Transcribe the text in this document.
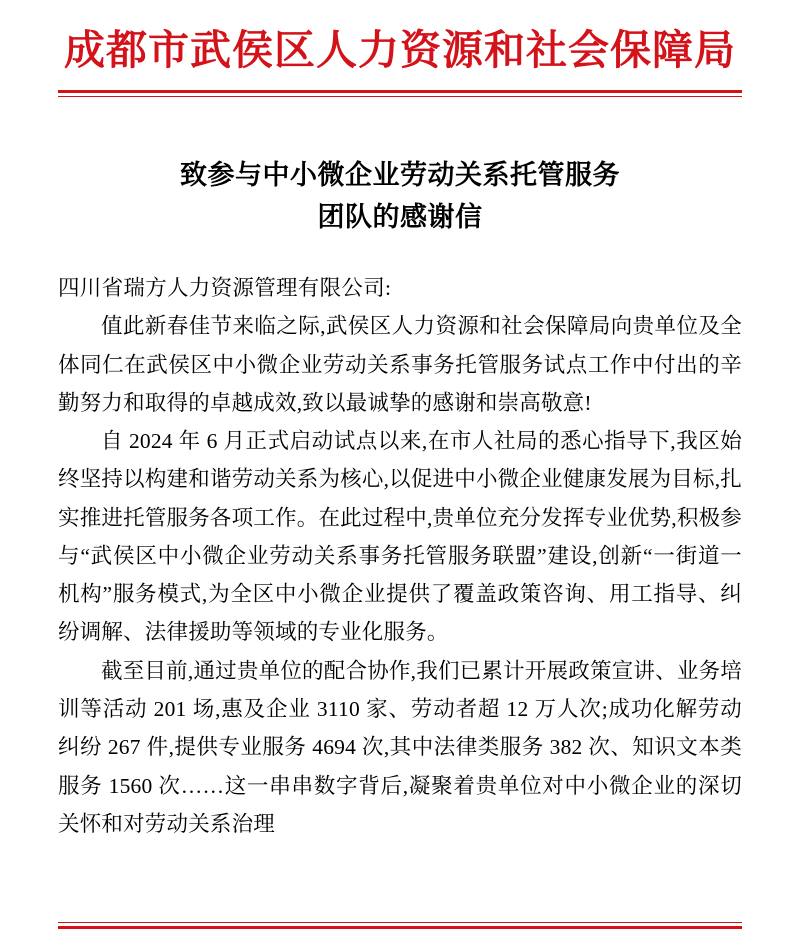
成都市武侯区人力资源和社会保障局
致参与中小微企业劳动关系托管服务
团队的感谢信

四川省瑞方人力资源管理有限公司:

值此新春佳节来临之际,武侯区人力资源和社会保障局向贵单位及全体同仁在武侯区中小微企业劳动关系事务托管服务试点工作中付出的辛勤努力和取得的卓越成效,致以最诚挚的感谢和崇高敬意!

自 2024 年 6 月正式启动试点以来,在市人社局的悉心指导下,我区始终坚持以构建和谐劳动关系为核心,以促进中小微企业健康发展为目标,扎实推进托管服务各项工作。在此过程中,贵单位充分发挥专业优势,积极参与“武侯区中小微企业劳动关系事务托管服务联盟”建设,创新“一街道一机构”服务模式,为全区中小微企业提供了覆盖政策咨询、用工指导、纠纷调解、法律援助等领域的专业化服务。

截至目前,通过贵单位的配合协作,我们已累计开展政策宣讲、业务培训等活动 201 场,惠及企业 3110 家、劳动者超 12 万人次;成功化解劳动纠纷 267 件,提供专业服务 4694 次,其中法律类服务 382 次、知识文本类服务 1560 次……这一串串数字背后,凝聚着贵单位对中小微企业的深切关怀和对劳动关系治理
